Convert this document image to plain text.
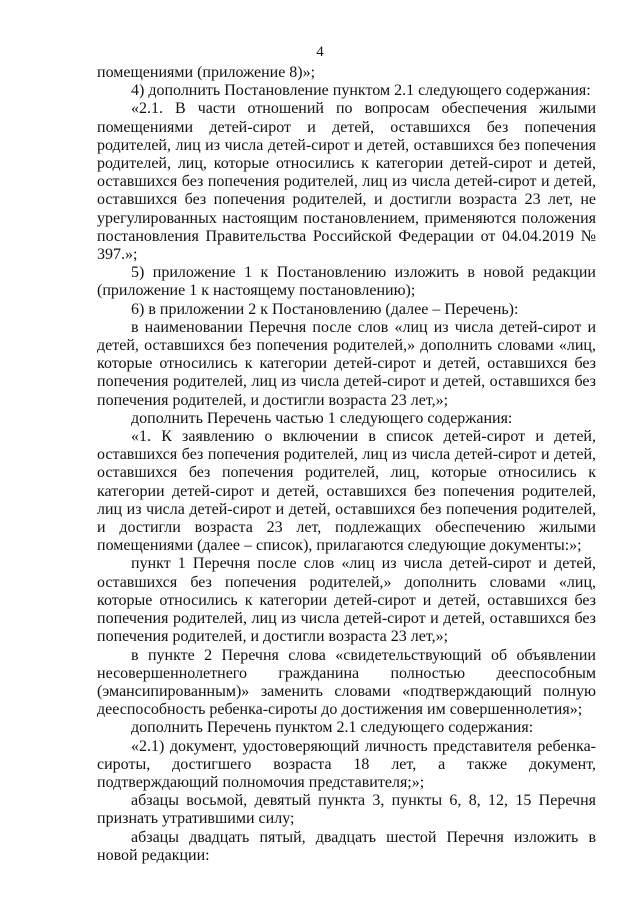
4

помещениями (приложение 8)»;

4) дополнить Постановление пунктом 2.1 следующего содержания:

«2.1. В части отношений по вопросам обеспечения жилыми помещениями детей-сирот и детей, оставшихся без попечения родителей, лиц из числа детей-сирот и детей, оставшихся без попечения родителей, лиц, которые относились к категории детей-сирот и детей, оставшихся без попечения родителей, лиц из числа детей-сирот и детей, оставшихся без попечения родителей, и достигли возраста 23 лет, не урегулированных настоящим постановлением, применяются положения постановления Правительства Российской Федерации от 04.04.2019 № 397.»;

5) приложение 1 к Постановлению изложить в новой редакции (приложение 1 к настоящему постановлению);

6) в приложении 2 к Постановлению (далее – Перечень):

в наименовании Перечня после слов «лиц из числа детей-сирот и детей, оставшихся без попечения родителей,» дополнить словами «лиц, которые относились к категории детей-сирот и детей, оставшихся без попечения родителей, лиц из числа детей-сирот и детей, оставшихся без попечения родителей, и достигли возраста 23 лет,»;

дополнить Перечень частью 1 следующего содержания:

«1. К заявлению о включении в список детей-сирот и детей, оставшихся без попечения родителей, лиц из числа детей-сирот и детей, оставшихся без попечения родителей, лиц, которые относились к категории детей-сирот и детей, оставшихся без попечения родителей, лиц из числа детей-сирот и детей, оставшихся без попечения родителей, и достигли возраста 23 лет, подлежащих обеспечению жилыми помещениями (далее – список), прилагаются следующие документы:»;

пункт 1 Перечня после слов «лиц из числа детей-сирот и детей, оставшихся без попечения родителей,» дополнить словами «лиц, которые относились к категории детей-сирот и детей, оставшихся без попечения родителей, лиц из числа детей-сирот и детей, оставшихся без попечения родителей, и достигли возраста 23 лет,»;

в пункте 2 Перечня слова «свидетельствующий об объявлении несовершеннолетнего гражданина полностью дееспособным (эмансипированным)» заменить словами «подтверждающий полную дееспособность ребенка-сироты до достижения им совершеннолетия»;

дополнить Перечень пунктом 2.1 следующего содержания:

«2.1) документ, удостоверяющий личность представителя ребенка-сироты, достигшего возраста 18 лет, а также документ, подтверждающий полномочия представителя;»;

абзацы восьмой, девятый пункта 3, пункты 6, 8, 12, 15 Перечня признать утратившими силу;

абзацы двадцать пятый, двадцать шестой Перечня изложить в новой редакции:
